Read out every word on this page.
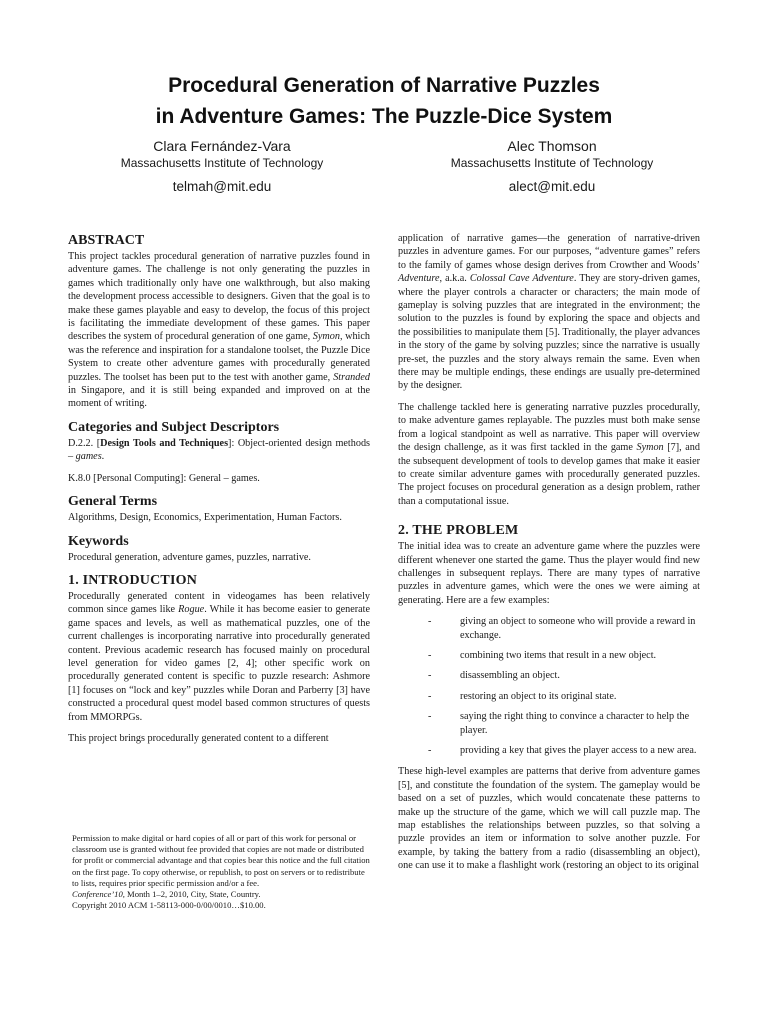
Procedural Generation of Narrative Puzzles
in Adventure Games: The Puzzle-Dice System
Clara Fernández-Vara
Massachusetts Institute of Technology
telmah@mit.edu
Alec Thomson
Massachusetts Institute of Technology
alect@mit.edu
ABSTRACT

This project tackles procedural generation of narrative puzzles found in adventure games. The challenge is not only generating the puzzles in games which traditionally only have one walkthrough, but also making the development process accessible to designers. Given that the goal is to make these games playable and easy to develop, the focus of this project is facilitating the immediate development of these games. This paper describes the system of procedural generation of one game, Symon, which was the reference and inspiration for a standalone toolset, the Puzzle Dice System to create other adventure games with procedurally generated puzzles. The toolset has been put to the test with another game, Stranded in Singapore, and it is still being expanded and improved on at the moment of writing.

Categories and Subject Descriptors

D.2.2. [Design Tools and Techniques]: Object-oriented design methods – games.

K.8.0 [Personal Computing]: General – games.

General Terms

Algorithms, Design, Economics, Experimentation, Human Factors.

Keywords

Procedural generation, adventure games, puzzles, narrative.

1. INTRODUCTION

Procedurally generated content in videogames has been relatively common since games like Rogue. While it has become easier to generate game spaces and levels, as well as mathematical puzzles, one of the current challenges is incorporating narrative into procedurally generated content. Previous academic research has focused mainly on procedural level generation for video games [2, 4]; other specific work on procedurally generated content is specific to puzzle research: Ashmore [1] focuses on “lock and key” puzzles while Doran and Parberry [3] have constructed a procedural quest model based common structures of quests from MMORPGs.

This project brings procedurally generated content to a different

Permission to make digital or hard copies of all or part of this work for personal or classroom use is granted without fee provided that copies are not made or distributed for profit or commercial advantage and that copies bear this notice and the full citation on the first page. To copy otherwise, or republish, to post on servers or to redistribute to lists, requires prior specific permission and/or a fee.
Conference’10, Month 1–2, 2010, City, State, Country.
Copyright 2010 ACM 1-58113-000-0/00/0010…$10.00.

application of narrative games—the generation of narrative-driven puzzles in adventure games. For our purposes, “adventure games” refers to the family of games whose design derives from Crowther and Woods’ Adventure, a.k.a. Colossal Cave Adventure. They are story-driven games, where the player controls a character or characters; the main mode of gameplay is solving puzzles that are integrated in the environment; the solution to the puzzles is found by exploring the space and objects and the possibilities to manipulate them [5]. Traditionally, the player advances in the story of the game by solving puzzles; since the narrative is usually pre-set, the puzzles and the story always remain the same. Even when there may be multiple endings, these endings are usually pre-determined by the designer.

The challenge tackled here is generating narrative puzzles procedurally, to make adventure games replayable. The puzzles must both make sense from a logical standpoint as well as narrative. This paper will overview the design challenge, as it was first tackled in the game Symon [7], and the subsequent development of tools to develop games that make it easier to create similar adventure games with procedurally generated puzzles. The project focuses on procedural generation as a design problem, rather than a computational issue.

2. THE PROBLEM

The initial idea was to create an adventure game where the puzzles were different whenever one started the game. Thus the player would find new challenges in subsequent replays. There are many types of narrative puzzles in adventure games, which were the ones we were aiming at generating. Here are a few examples:

-	giving an object to someone who will provide a reward in exchange.
-	combining two items that result in a new object.
-	disassembling an object.
-	restoring an object to its original state.
-	saying the right thing to convince a character to help the player.
-	providing a key that gives the player access to a new area.

These high-level examples are patterns that derive from adventure games [5], and constitute the foundation of the system. The gameplay would be based on a set of puzzles, which would concatenate these patterns to make up the structure of the game, which we will call puzzle map. The map establishes the relationships between puzzles, so that solving a puzzle provides an item or information to solve another puzzle. For example, by taking the battery from a radio (disassembling an object), one can use it to make a flashlight work (restoring an object to its original
